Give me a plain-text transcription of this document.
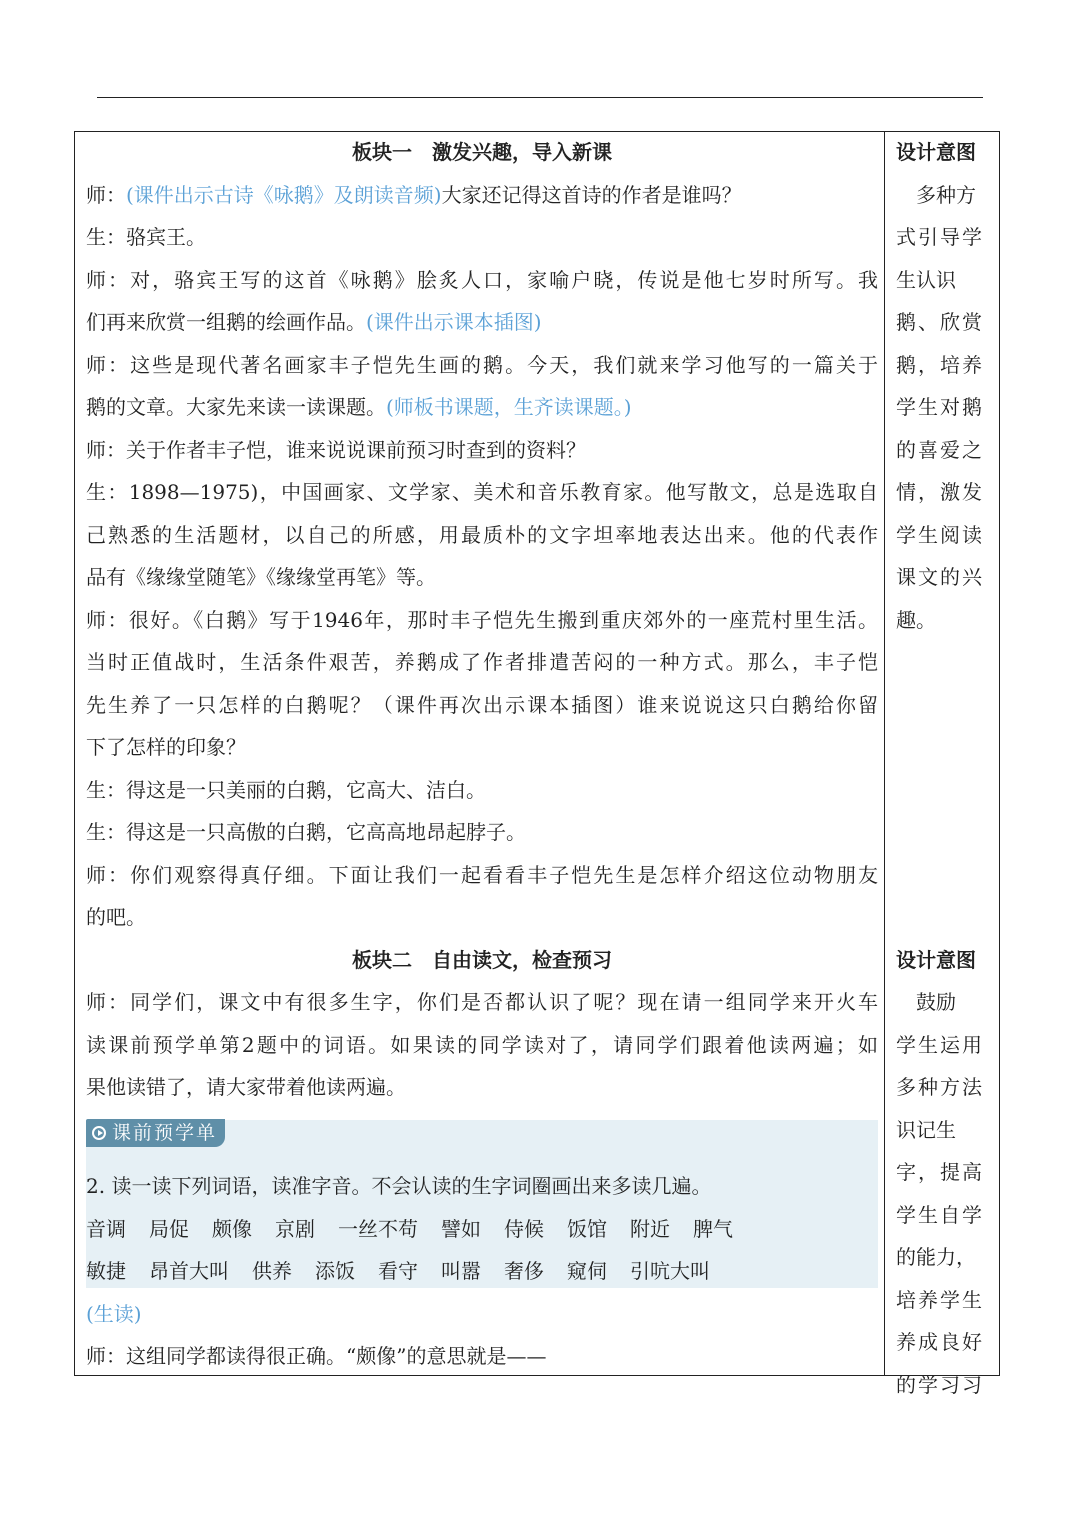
课前预学单
板块一 激发兴趣，导入新课
师：(课件出示古诗《咏鹅》及朗读音频)大家还记得这首诗的作者是谁吗？
生：骆宾王。
师：对，骆宾王写的这首《咏鹅》脍炙人口，家喻户晓，传说是他七岁时所写。我
们再来欣赏一组鹅的绘画作品。(课件出示课本插图)
师：这些是现代著名画家丰子恺先生画的鹅。今天，我们就来学习他写的一篇关于
鹅的文章。大家先来读一读课题。(师板书课题，生齐读课题。)
师：关于作者丰子恺，谁来说说课前预习时查到的资料？
生：1898—1975)，中国画家、文学家、美术和音乐教育家。他写散文，总是选取自
己熟悉的生活题材，以自己的所感，用最质朴的文字坦率地表达出来。他的代表作
品有《缘缘堂随笔》《缘缘堂再笔》等。
师：很好。《白鹅》写于1946年，那时丰子恺先生搬到重庆郊外的一座荒村里生活。
当时正值战时，生活条件艰苦，养鹅成了作者排遣苦闷的一种方式。那么，丰子恺
先生养了一只怎样的白鹅呢？（课件再次出示课本插图）谁来说说这只白鹅给你留
下了怎样的印象？
生：得这是一只美丽的白鹅，它高大、洁白。
生：得这是一只高傲的白鹅，它高高地昂起脖子。
师：你们观察得真仔细。下面让我们一起看看丰子恺先生是怎样介绍这位动物朋友
的吧。
板块二 自由读文，检查预习
师：同学们，课文中有很多生字，你们是否都认识了呢？现在请一组同学来开火车
读课前预学单第2题中的词语。如果读的同学读对了，请同学们跟着他读两遍；如
果他读错了，请大家带着他读两遍。
2. 读一读下列词语，读准字音。不会认读的生字词圈画出来多读几遍。
音调 局促 颇像 京剧 一丝不苟 譬如 侍候 饭馆 附近 脾气
敏捷 昂首大叫 供养 添饭 看守 叫嚣 奢侈 窥伺 引吭大叫
(生读)
师：这组同学都读得很正确。“颇像”的意思就是——
设计意图
多种方
式引导学
生认识
鹅、欣赏
鹅，培养
学生对鹅
的喜爱之
情，激发
学生阅读
课文的兴
趣。
设计意图
鼓励
学生运用
多种方法
识记生
字，提高
学生自学
的能力，
培养学生
养成良好
的学习习
